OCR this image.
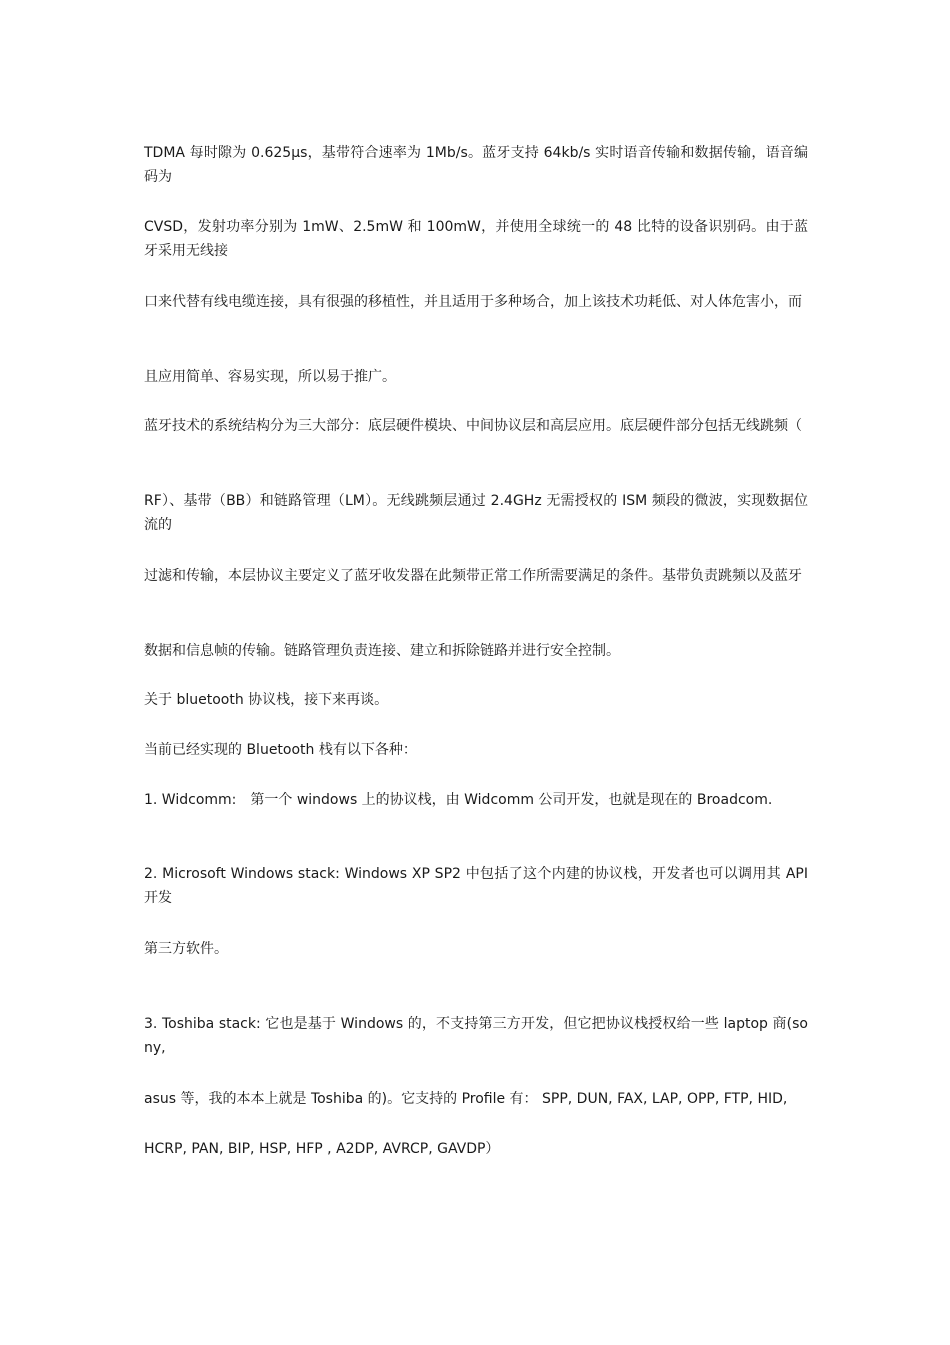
TDMA 每时隙为 0.625μs，基带符合速率为 1Mb/s。蓝牙支持 64kb/s 实时语音传输和数据传输，语音编码为

CVSD，发射功率分别为 1mW、2.5mW 和 100mW，并使用全球统一的 48 比特的设备识别码。由于蓝牙采用无线接

口来代替有线电缆连接，具有很强的移植性，并且适用于多种场合，加上该技术功耗低、对人体危害小，而

且应用简单、容易实现，所以易于推广。

蓝牙技术的系统结构分为三大部分：底层硬件模块、中间协议层和高层应用。底层硬件部分包括无线跳频（

RF）、基带（BB）和链路管理（LM）。无线跳频层通过 2.4GHz 无需授权的 ISM 频段的微波，实现数据位流的

过滤和传输，本层协议主要定义了蓝牙收发器在此频带正常工作所需要满足的条件。基带负责跳频以及蓝牙

数据和信息帧的传输。链路管理负责连接、建立和拆除链路并进行安全控制。

关于 bluetooth 协议栈，接下来再谈。

当前已经实现的 Bluetooth 栈有以下各种：

1. Widcomm:　第一个 windows 上的协议栈，由 Widcomm 公司开发，也就是现在的 Broadcom.

2. Microsoft Windows stack: Windows XP SP2 中包括了这个内建的协议栈，开发者也可以调用其 API 开发

第三方软件。

3. Toshiba stack: 它也是基于 Windows 的，不支持第三方开发，但它把协议栈授权给一些 laptop 商(sony,

asus 等，我的本本上就是 Toshiba 的)。它支持的 Profile 有： SPP, DUN, FAX, LAP, OPP, FTP, HID,

HCRP, PAN, BIP, HSP, HFP , A2DP, AVRCP, GAVDP）
